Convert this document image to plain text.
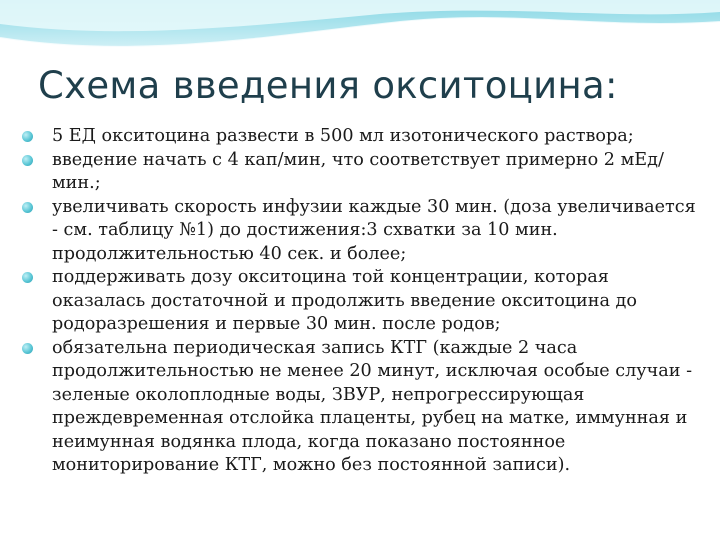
Схема введения окситоцина:
5 ЕД окситоцина развести в 500 мл изотонического раствора;
введение начать с 4 кап/мин, что соответствует примерно 2 мЕд/ мин.;
увеличивать скорость инфузии каждые 30 мин. (доза увеличивается - см. таблицу №1) до достижения:3 схватки за 10 мин. продолжительностью 40 сек. и более;
поддерживать дозу окситоцина той концентрации, которая оказалась достаточной и продолжить введение окситоцина до родоразрешения и первые 30 мин. после родов;
обязательна периодическая запись КТГ (каждые 2 часа продолжительностью не менее 20 минут, исключая особые случаи - зеленые околоплодные воды, ЗВУР, непрогрессирующая преждевременная отслойка плаценты, рубец на матке, иммунная и неимунная водянка плода, когда показано постоянное мониторирование КТГ, можно без постоянной записи).
